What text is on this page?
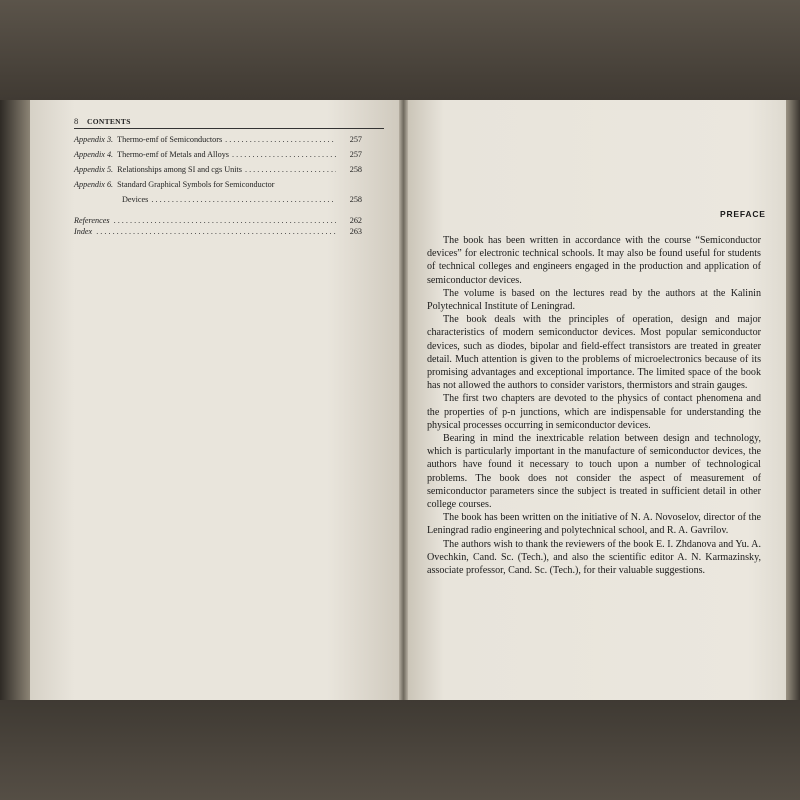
8 CONTENTS
Appendix 3. Thermo-emf of Semiconductors . . .	257
Appendix 4. Thermo-emf of Metals and Alloys . . .	257
Appendix 5. Relationships among SI and cgs Units . . .	258
Appendix 6. Standard Graphical Symbols for Semiconductor
Devices . . .	258
References . . .	262
Index . . .	263
PREFACE

The book has been written in accordance with the course “Semiconductor devices” for electronic technical schools. It may also be found useful for students of technical colleges and engineers engaged in the production and application of semiconductor devices.

The volume is based on the lectures read by the authors at the Kalinin Polytechnical Institute of Leningrad.

The book deals with the principles of operation, design and major characteristics of modern semiconductor devices. Most popular semiconductor devices, such as diodes, bipolar and field-effect transistors are treated in greater detail. Much attention is given to the problems of microelectronics because of its promising advantages and exceptional importance. The limited space of the book has not allowed the authors to consider varistors, thermistors and strain gauges.

The first two chapters are devoted to the physics of contact phenomena and the properties of p-n junctions, which are indispensable for understanding the physical processes occurring in semiconductor devices.

Bearing in mind the inextricable relation between design and technology, which is particularly important in the manufacture of semiconductor devices, the authors have found it necessary to touch upon a number of technological problems. The book does not consider the aspect of measurement of semiconductor parameters since the subject is treated in sufficient detail in other college courses.

The book has been written on the initiative of N. A. Novoselov, director of the Leningrad radio engineering and polytechnical school, and R. A. Gavrilov.

The authors wish to thank the reviewers of the book E. I. Zhdanova and Yu. A. Ovechkin, Cand. Sc. (Tech.), and also the scientific editor A. N. Karmazinsky, associate professor, Cand. Sc. (Tech.), for their valuable suggestions.
